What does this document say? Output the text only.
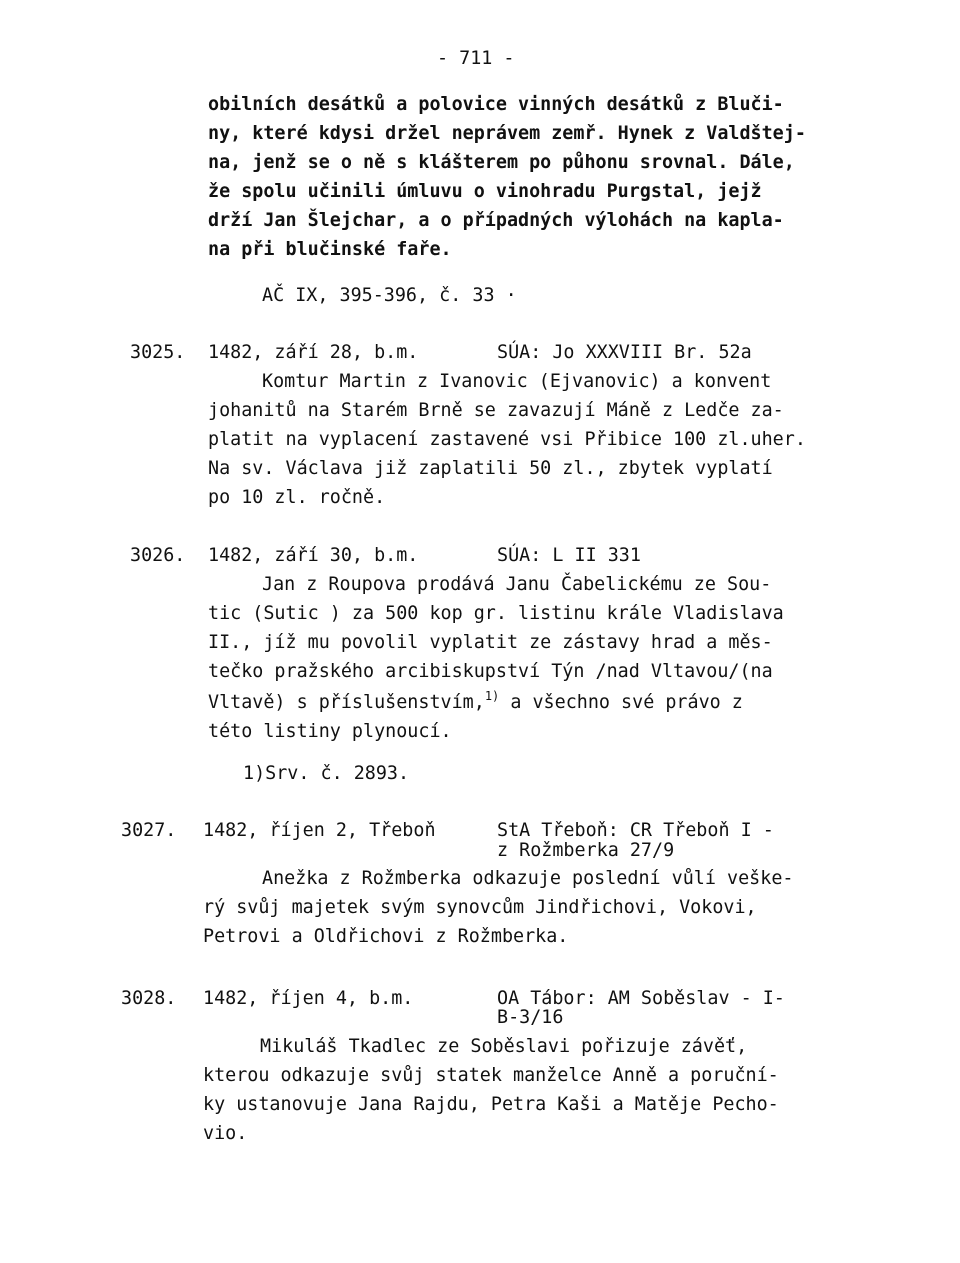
- 711 -
obilních desátků a polovice vinných desátků z Bluči-
ny, které kdysi držel neprávem zemř. Hynek z Valdštej-
na, jenž se o ně s klášterem po půhonu srovnal. Dále,
že spolu učinili úmluvu o vinohradu Purgstal, jejž
drží Jan Šlejchar, a o případných výlohách na kapla-
na při blučinské faře.
AČ IX, 395-396, č. 33 ·
3025. 1482, září 28, b.m.	SÚA: Jo XXXVIII Br. 52a
Komtur Martin z Ivanovic (Ejvanovic) a konvent
johanitů na Starém Brně se zavazují Máně z Ledče za-
platit na vyplacení zastavené vsi Přibice 100 zl.uher.
Na sv. Václava již zaplatili 50 zl., zbytek vyplatí
po 10 zl. ročně.
3026. 1482, září 30, b.m.	SÚA: L II 331
Jan z Roupova prodává Janu Čabelickému ze Sou-
tic (Sutic ) za 500 kop gr. listinu krále Vladislava
II., jíž mu povolil vyplatit ze zástavy hrad a měs-
tečko pražského arcibiskupství Týn /nad Vltavou/(na
Vltavě) s příslušenstvím,$^{1)}$ a všechno své právo z
této listiny plynoucí.
1)Srv. č. 2893.
3027. 1482, říjen 2, Třeboň	StA Třeboň: CR Třeboň I -
z Rožmberka 27/9
Anežka z Rožmberka odkazuje poslední vůlí veške-
rý svůj majetek svým synovcům Jindřichovi, Vokovi,
Petrovi a Oldřichovi z Rožmberka.
3028. 1482, říjen 4, b.m.	OA Tábor: AM Soběslav - I-
B-3/16
Mikuláš Tkadlec ze Soběslavi pořizuje závěť,
kterou odkazuje svůj statek manželce Anně a poruční-
ky ustanovuje Jana Rajdu, Petra Kaši a Matěje Pecho-
vio.
